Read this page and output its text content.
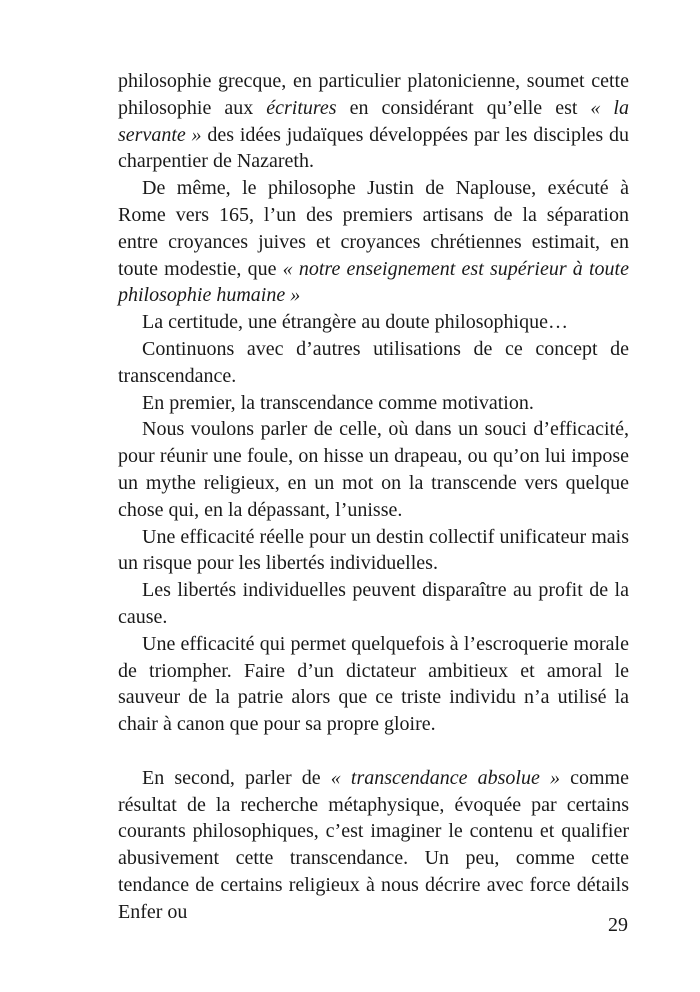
philosophie grecque, en particulier platonicienne, soumet cette philosophie aux écritures en considérant qu’elle est « la servante » des idées judaïques développées par les disciples du charpentier de Nazareth.

De même, le philosophe Justin de Naplouse, exécuté à Rome vers 165, l’un des premiers artisans de la séparation entre croyances juives et croyances chrétiennes estimait, en toute modestie, que « notre enseignement est supérieur à toute philosophie humaine »

La certitude, une étrangère au doute philosophique…

Continuons avec d’autres utilisations de ce concept de transcendance.

En premier, la transcendance comme motivation.

Nous voulons parler de celle, où dans un souci d’efficacité, pour réunir une foule, on hisse un drapeau, ou qu’on lui impose un mythe religieux, en un mot on la transcende vers quelque chose qui, en la dépassant, l’unisse.

Une efficacité réelle pour un destin collectif unificateur mais un risque pour les libertés individuelles.

Les libertés individuelles peuvent disparaître au profit de la cause.

Une efficacité qui permet quelquefois à l’escroquerie morale de triompher. Faire d’un dictateur ambitieux et amoral le sauveur de la patrie alors que ce triste individu n’a utilisé la chair à canon que pour sa propre gloire.

En second, parler de « transcendance absolue » comme résultat de la recherche métaphysique, évoquée par certains courants philosophiques, c’est imaginer le contenu et qualifier abusivement cette transcendance. Un peu, comme cette tendance de certains religieux à nous décrire avec force détails Enfer ou

29
